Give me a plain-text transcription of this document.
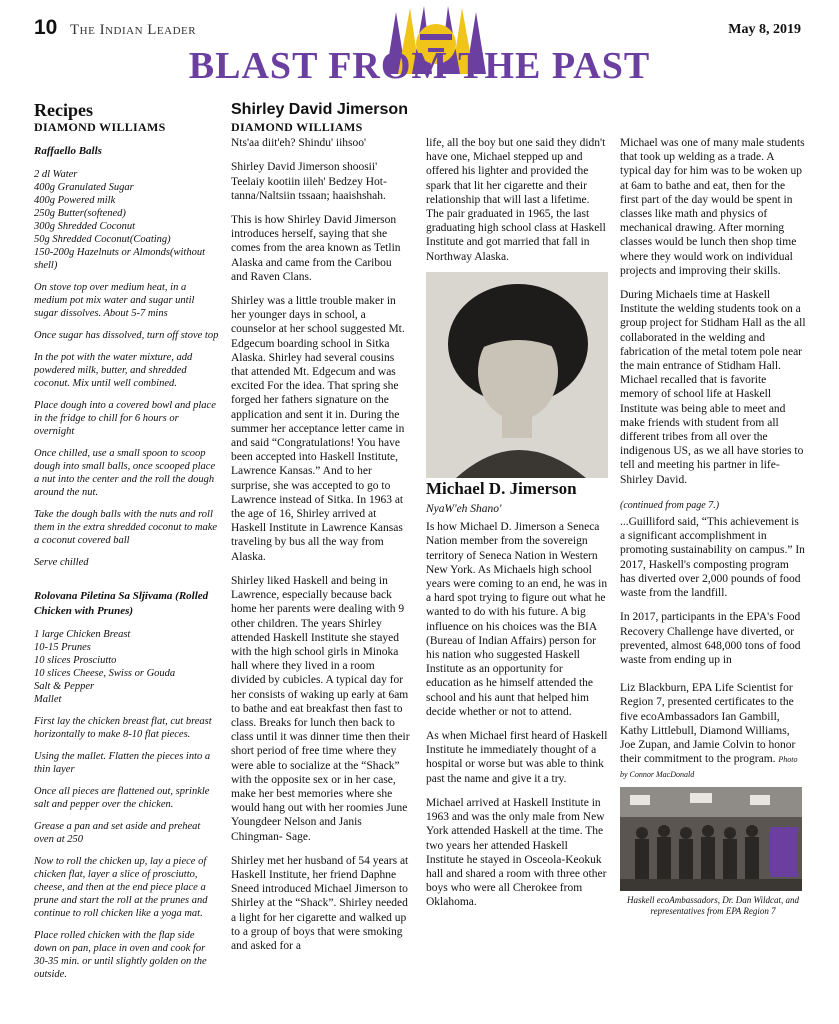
10 The Indian Leader	May 8, 2019
BLAST FROM THE PAST
Recipes
DIAMOND WILLIAMS
Raffaello Balls

2 dl Water
400g Granulated Sugar
400g Powered milk
250g Butter(softened)
300g Shredded Coconut
50g Shredded Coconut(Coating)
150-200g Hazelnuts or Almonds(without shell)

On stove top over medium heat, in a medium pot mix water and sugar until sugar dissolves. About 5-7 mins

Once sugar has dissolved, turn off stove top

In the pot with the water mixture, add powdered milk, butter, and shredded coconut. Mix until well combined.

Place dough into a covered bowl and place in the fridge to chill for 6 hours or overnight

Once chilled, use a small spoon to scoop dough into small balls, once scooped place a nut into the center and the roll the dough around the nut.

Take the dough balls with the nuts and roll them in the extra shredded coconut to make a coconut covered ball

Serve chilled

Rolovana Piletina Sa Sljivama (Rolled Chicken with Prunes)

1 large Chicken Breast
10-15 Prunes
10 slices Prosciutto
10 slices Cheese, Swiss or Gouda
Salt & Pepper
Mallet

First lay the chicken breast flat, cut breast horizontally to make 8-10 flat pieces.

Using the mallet. Flatten the pieces into a thin layer

Once all pieces are flattened out, sprinkle salt and pepper over the chicken.

Grease a pan and set aside and preheat oven at 250

Now to roll the chicken up, lay a piece of chicken flat, layer a slice of prosciutto, cheese, and then at the end piece place a prune and start the roll at the prunes and continue to roll chicken like a yoga mat.

Place rolled chicken with the flap side down on pan, place in oven and cook for 30-35 min. or until slightly golden on the outside.

Shirley David Jimerson
DIAMOND WILLIAMS

Nts'aa diit'eh? Shindu' iihsoo'

Shirley David Jimerson shoosii' Teelaiy kootiin iileh' Bedzey Hot-tanna/Naltsiin tssaan; haaishshah.

This is how Shirley David Jimerson introduces herself, saying that she comes from the area known as Tetlin Alaska and came from the Caribou and Raven Clans.

Shirley was a little trouble maker in her younger days in school, a counselor at her school suggested Mt. Edgecum boarding school in Sitka Alaska. Shirley had several cousins that attended Mt. Edgecum and was excited For the idea. That spring she forged her fathers signature on the application and sent it in. During the summer her acceptance letter came in and said “Congratulations! You have been accepted into Haskell Institute, Lawrence Kansas.” And to her surprise, she was accepted to go to Lawrence instead of Sitka. In 1963 at the age of 16, Shirley arrived at Haskell Institute in Lawrence Kansas traveling by bus all the way from Alaska.

Shirley liked Haskell and being in Lawrence, especially because back home her parents were dealing with 9 other children. The years Shirley attended Haskell Institute she stayed with the high school girls in Minoka hall where they lived in a room divided by cubicles. A typical day for her consists of waking up early at 6am to bathe and eat breakfast then fast to class. Breaks for lunch then back to class until it was dinner time then their short period of free time where they were able to socialize at the “Shack” with the opposite sex or in her case, make her best memories where she would hang out with her roomies June Youngdeer Nelson and Janis Chingman- Sage.

Shirley met her husband of 54 years at Haskell Institute, her friend Daphne Sneed introduced Michael Jimerson to Shirley at the “Shack”. Shirley needed a light for her cigarette and walked up to a group of boys that were smoking and asked for a

life, all the boy but one said they didn't have one, Michael stepped up and offered his lighter and provided the spark that lit her cigarette and their relationship that will last a lifetime. The pair graduated in 1965, the last graduating high school class at Haskell Institute and got married that fall in Northway Alaska.

Michael D. Jimerson

NyaW'eh Shano'

Is how Michael D. Jimerson a Seneca Nation member from the sovereign territory of Seneca Nation in Western New York. As Michaels high school years were coming to an end, he was in a hard spot trying to figure out what he wanted to do with his future. A big influence on his choices was the BIA (Bureau of Indian Affairs) person for his nation who suggested Haskell Institute as an opportunity for education as he himself attended the school and his aunt that helped him decide whether or not to attend.

As when Michael first heard of Haskell Institute he immediately thought of a hospital or worse but was able to think past the name and give it a try.

Michael arrived at Haskell Institute in 1963 and was the only male from New York attended Haskell at the time. The two years her attended Haskell Institute he stayed in Osceola-Keokuk hall and shared a room with three other boys who were all Cherokee from Oklahoma.

Michael was one of many male students that took up welding as a trade. A typical day for him was to be woken up at 6am to bathe and eat, then for the first part of the day would be spent in classes like math and physics of mechanical drawing. After morning classes would be lunch then shop time where they would work on individual projects and improving their skills.

During Michaels time at Haskell Institute the welding students took on a group project for Stidham Hall as the all collaborated in the welding and fabrication of the metal totem pole near the main entrance of Stidham Hall. Michael recalled that is favorite memory of school life at Haskell Institute was being able to meet and make friends with student from all different tribes from all over the indigenous US, as we all have stories to tell and meeting his partner in life- Shirley David.

(continued from page 7.)

...Guilliford said, “This achievement is a significant accomplishment in promoting sustainability on campus.” In 2017, Haskell's composting program has diverted over 2,000 pounds of food waste from the landfill.

In 2017, participants in the EPA's Food Recovery Challenge have diverted, or prevented, almost 648,000 tons of food waste from ending up in

Liz Blackburn, EPA Life Scientist for Region 7, presented certificates to the five ecoAmbassadors Ian Gambill, Kathy Littlebull, Diamond Williams, Joe Zupan, and Jamie Colvin to honor their commitment to the program. Photo by Connor MacDonald

Haskell ecoAmbassadors, Dr. Dan Wildcat, and representatives from EPA Region 7
